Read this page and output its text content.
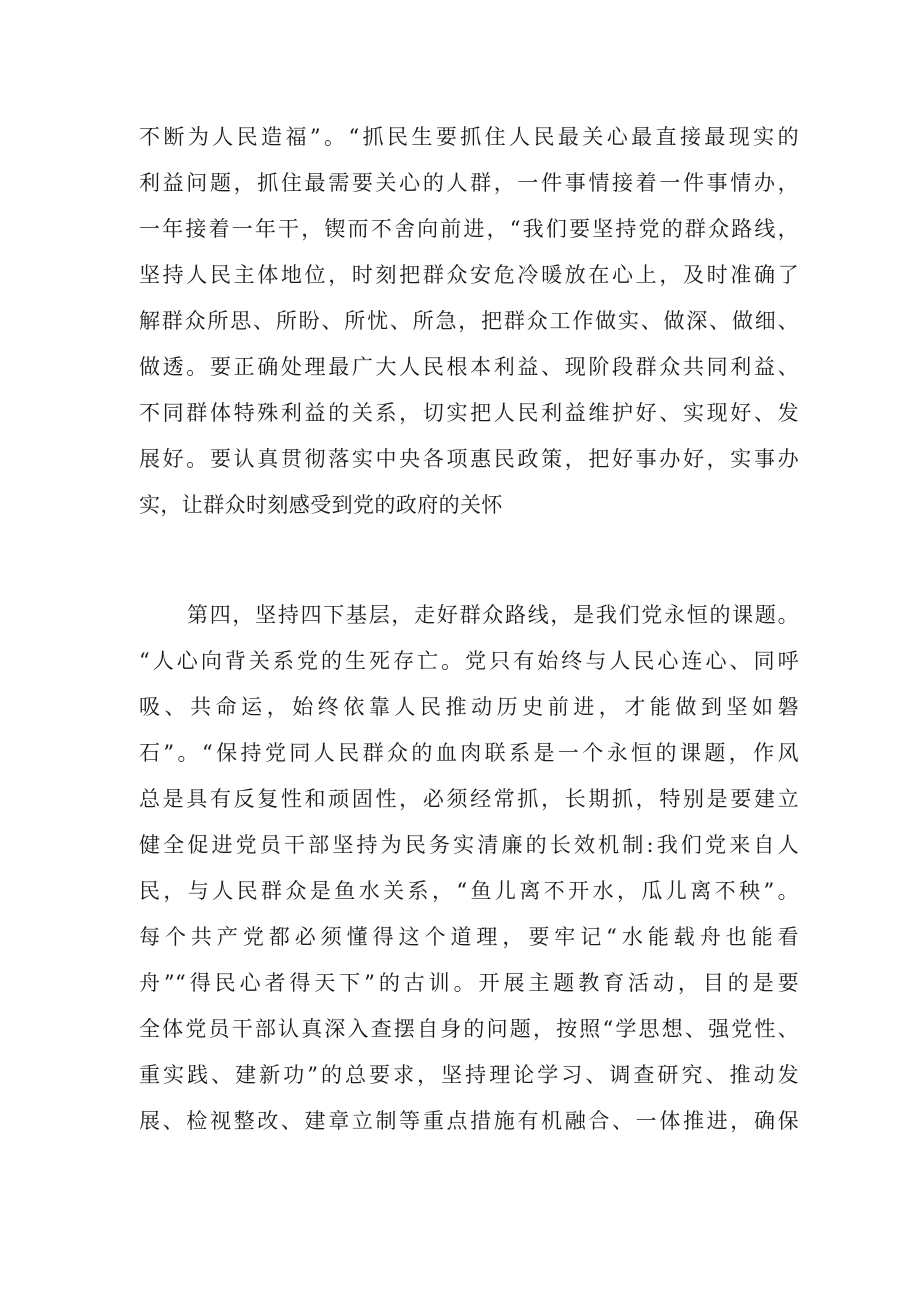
不断为人民造福”。“抓民生要抓住人民最关心最直接最现实的
利益问题，抓住最需要关心的人群，一件事情接着一件事情办，
一年接着一年干，锲而不舍向前进，“我们要坚持党的群众路线，
坚持人民主体地位，时刻把群众安危冷暖放在心上，及时准确了
解群众所思、所盼、所忧、所急，把群众工作做实、做深、做细、
做透。要正确处理最广大人民根本利益、现阶段群众共同利益、
不同群体特殊利益的关系，切实把人民利益维护好、实现好、发
展好。要认真贯彻落实中央各项惠民政策，把好事办好，实事办
实，让群众时刻感受到党的政府的关怀
第四，坚持四下基层，走好群众路线，是我们党永恒的课题。
“人心向背关系党的生死存亡。党只有始终与人民心连心、同呼
吸、共命运，始终依靠人民推动历史前进，才能做到坚如磐
石”。“保持党同人民群众的血肉联系是一个永恒的课题，作风
总是具有反复性和顽固性，必须经常抓，长期抓，特别是要建立
健全促进党员干部坚持为民务实清廉的长效机制:我们党来自人
民，与人民群众是鱼水关系，“鱼儿离不开水，瓜儿离不秧”。
每个共产党都必须懂得这个道理，要牢记“水能载舟也能看
舟”“得民心者得天下”的古训。开展主题教育活动，目的是要
全体党员干部认真深入查摆自身的问题，按照“学思想、强党性、
重实践、建新功”的总要求，坚持理论学习、调查研究、推动发
展、检视整改、建章立制等重点措施有机融合、一体推进，确保
